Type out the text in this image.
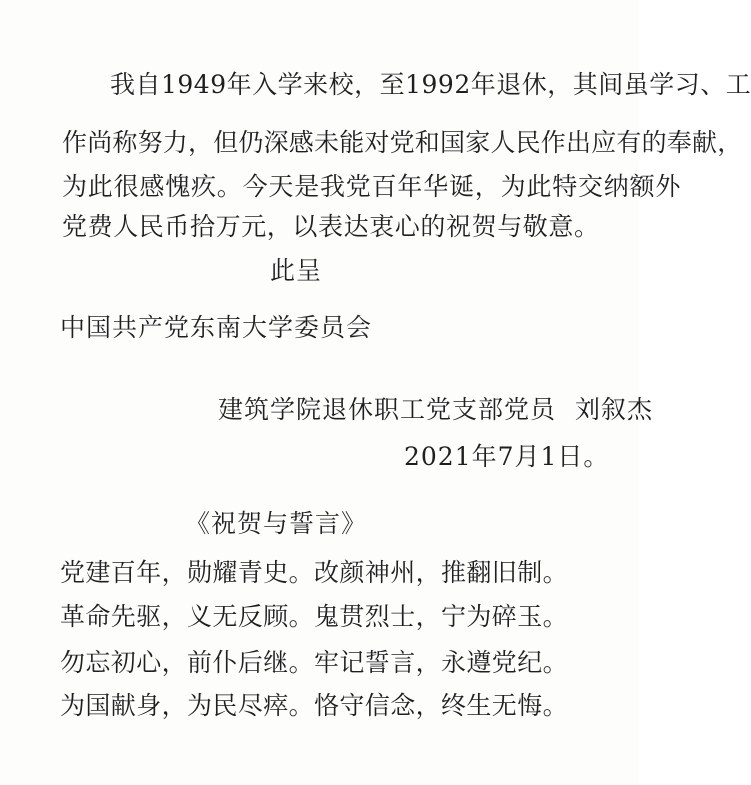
我自1949年入学来校，至1992年退休，其间虽学习、工
作尚称努力，但仍深感未能对党和国家人民作出应有的奉献，
为此很感愧疚。今天是我党百年华诞，为此特交纳额外
党费人民币拾万元，以表达衷心的祝贺与敬意。
此呈
中国共产党东南大学委员会
建筑学院退休职工党支部党员 刘叙杰
2021年7月1日。
《祝贺与誓言》
党建百年，勋耀青史。改颜神州，推翻旧制。
革命先驱，义无反顾。鬼贯烈士，宁为碎玉。
勿忘初心，前仆后继。牢记誓言，永遵党纪。
为国献身，为民尽瘁。恪守信念，终生无悔。
